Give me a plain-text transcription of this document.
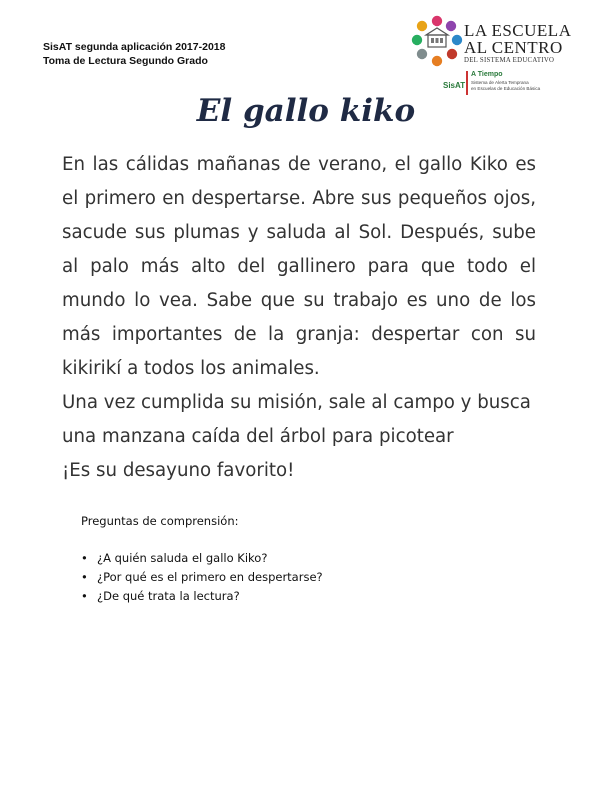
SisAT segunda aplicación 2017-2018
Toma de Lectura Segundo Grado
LA ESCUELA
AL CENTRO
DEL SISTEMA EDUCATIVO
SisAT
A Tiempo
Sistema de Alerta Temprana
en Escuelas de Educación Básica
El gallo kiko

En las cálidas mañanas de verano, el gallo Kiko es el primero en despertarse. Abre sus pequeños ojos, sacude sus plumas y saluda al Sol. Después, sube al palo más alto del gallinero para que todo el mundo lo vea. Sabe que su trabajo es uno de los más importantes de la granja: despertar con su kikirikí a todos los animales.

Una vez cumplida su misión, sale al campo y busca una manzana caída del árbol para picotear

¡Es su desayuno favorito!

Preguntas de comprensión:

• ¿A quién saluda el gallo Kiko?
• ¿Por qué es el primero en despertarse?
• ¿De qué trata la lectura?
